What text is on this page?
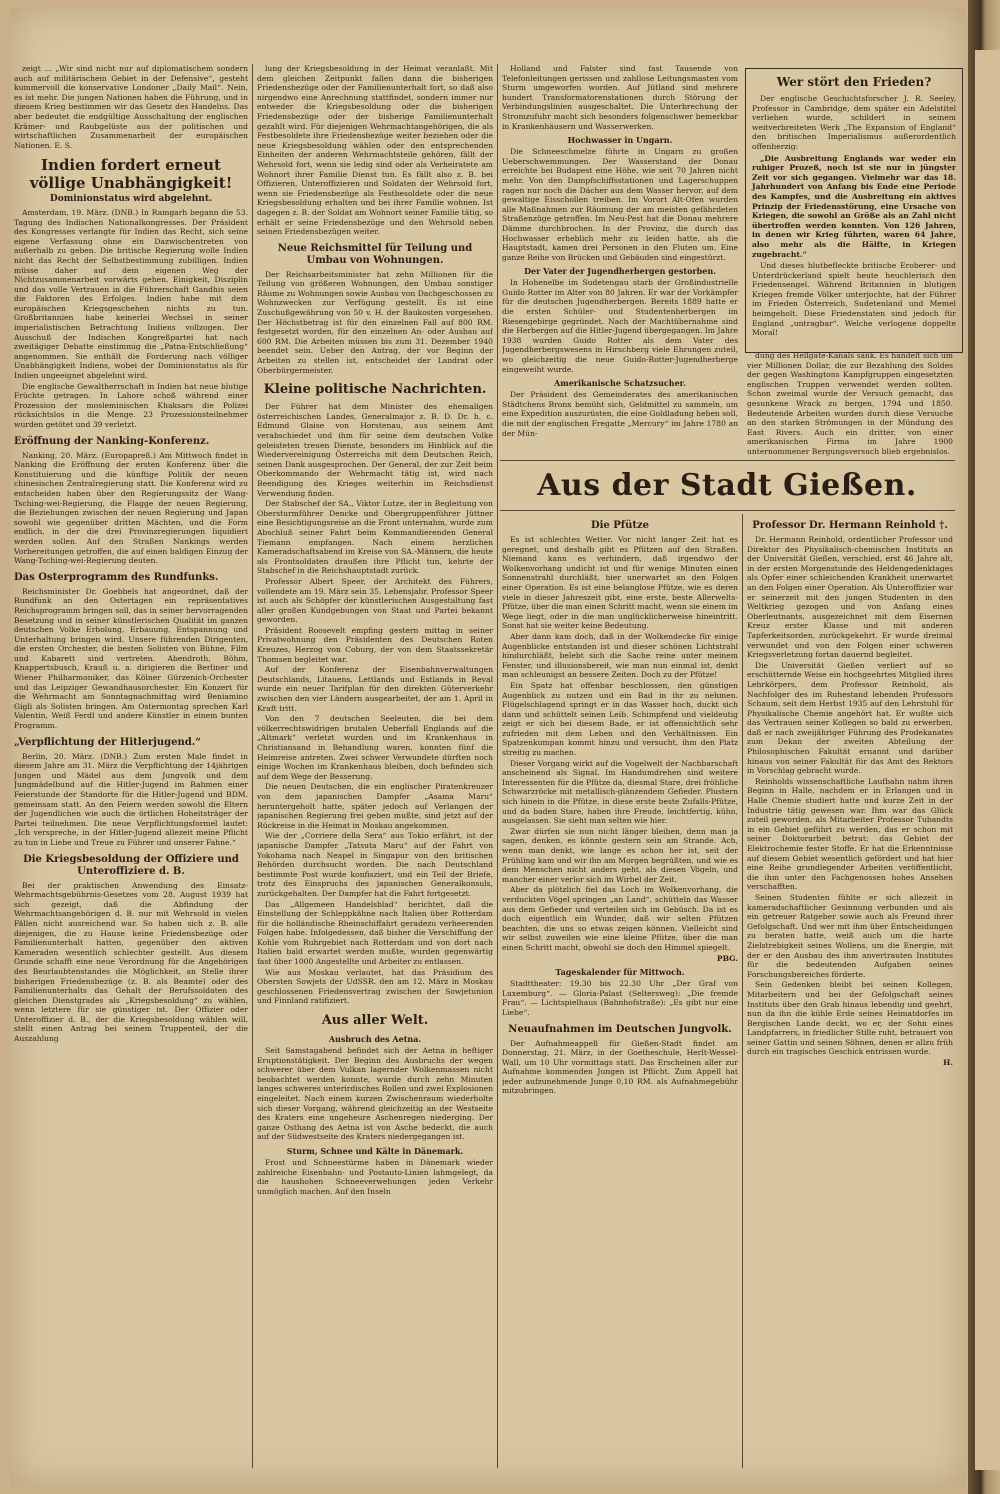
zeigt ... „Wir sind nicht nur auf diplomatischem sondern auch auf militärischem Gebiet in der Defensive“, gesteht kummervoll die konservative Londoner „Daily Mail“. Nein, es ist mehr. Die jungen Nationen haben die Führung, und in diesem Krieg bestimmen wir das Gesetz des Handelns. Das aber bedeutet die endgültige Ausschaltung der englischen Krämer- und Raubgelüste aus der politischen und wirtschaftlichen Zusammenarbeit der europäischen Nationen. E. S.

Indien fordert erneut völlige Unabhängigkeit!
Dominionstatus wird abgelehnt.

Amsterdam, 19. März. (DNB.) In Ramgarh begann die 53. Tagung des Indischen Nationalkongresses. Der Präsident des Kongresses verlangte für Indien das Recht, sich seine eigene Verfassung ohne ein Dazwischentreten von außerhalb zu geben. Die britische Regierung wolle Indien nicht das Recht der Selbstbestimmung zubilligen. Indien müsse daher auf dem eigenen Weg der Nichtzusammenarbeit vorwärts gehen. Einigkeit, Disziplin und das volle Vertrauen in die Führerschaft Gandhis seien die Faktoren des Erfolges. Indien habe mit dem europäischen Kriegsgeschehen nichts zu tun. Großbritannien habe keinerlei Wechsel in seiner imperialistischen Betrachtung Indiens vollzogen. Der Ausschuß der Indischen Kongreßpartei hat nach zweitägiger Debatte einstimmig die „Patna-Entschließung“ angenommen. Sie enthält die Forderung nach völliger Unabhängigkeit Indiens, wobei der Dominionstatus als für Indien ungeeignet abgelehnt wird.

Die englische Gewaltherrschaft in Indien hat neue blutige Früchte getragen. In Lahore schoß während einer Prozession der mosleminischen Khaksars die Polizei rücksichtslos in die Menge. 23 Prozessionsteilnehmer wurden getötet und 39 verletzt.

Eröffnung der Nanking-Konferenz.

Nanking, 20. März. (Europapreß.) Am Mittwoch findet in Nanking die Eröffnung der ersten Konferenz über die Konstituierung und die künftige Politik der neuen chinesischen Zentralregierung statt. Die Konferenz wird zu entscheiden haben über den Regierungssitz der Wang-Tsching-wei-Regierung, die Flagge der neuen Regierung, die Beziehungen zwischen der neuen Regierung und Japan sowohl wie gegenüber dritten Mächten, und die Form endlich, in der die drei Provinzregierungen liquidiert werden sollen. Auf den Straßen Nankings werden Vorbereitungen getroffen, die auf einen baldigen Einzug der Wang-Tsching-wei-Regierung deuten.

Das Osterprogramm des Rundfunks.

Reichsminister Dr. Goebbels hat angeordnet, daß der Rundfunk an den Ostertagen ein repräsentatives Reichsprogramm bringen soll, das in seiner hervorragenden Besetzung und in seiner künstlerischen Qualität im ganzen deutschen Volke Erholung, Erbauung, Entspannung und Unterhaltung bringen wird. Unsere führenden Dirigenten, die ersten Orchester, die besten Solisten von Bühne, Film und Kabarett sind vertreten. Abendroth, Böhm, Knappertsbusch, Krauß u. a. dirigieren die Berliner und Wiener Philharmoniker, das Kölner Gürzenich-Orchester und das Leipziger Gewandhausorchester. Ein Konzert für die Wehrmacht am Sonntagnachmittag wird Beniamino Gigli als Solisten bringen. Am Ostermontag sprechen Karl Valentin, Weiß Ferdl und andere Künstler in einem bunten Programm.

„Verpflichtung der Hitlerjugend.“

Berlin, 20. März. (DNB.) Zum ersten Male findet in diesem Jahre am 31. März die Verpflichtung der 14jährigen Jungen und Mädel aus dem Jungvolk und dem Jungmädelbund auf die Hitler-Jugend im Rahmen einer Feierstunde der Standorte für die Hitler-Jugend und BDM. gemeinsam statt. An den Feiern werden sowohl die Eltern der Jugendlichen wie auch die örtlichen Hoheitsträger der Partei teilnehmen. Die neue Verpflichtungsformel lautet: „Ich verspreche, in der Hitler-Jugend allezeit meine Pflicht zu tun in Liebe und Treue zu Führer und unserer Fahne.“

Die Kriegsbesoldung der Offiziere und Unteroffiziere d. B.

Bei der praktischen Anwendung des Einsatz-Wehrmachtsgebührnis-Gesetzes vom 28. August 1939 hat sich gezeigt, daß die Abfindung der Wehrmachtsangehörigen d. B. nur mit Wehrsold in vielen Fällen nicht ausreichend war. So haben sich z. B. alle diejenigen, die zu Hause keine Friedensbezüge oder Familienunterhalt hatten, gegenüber den aktiven Kameraden wesentlich schlechter gestellt. Aus diesem Grunde schafft eine neue Verordnung für die Angehörigen des Beurlaubtenstandes die Möglichkeit, an Stelle ihrer bisherigen Friedensbezüge (z. B. als Beamte) oder des Familienunterhalts das Gehalt der Berufssoldaten des gleichen Dienstgrades als „Kriegsbesoldung“ zu wählen, wenn letztere für sie günstiger ist. Der Offizier oder Unteroffizier d. B., der die Kriegsbesoldung wählen will, stellt einen Antrag bei seinem Truppenteil, der die Auszahlung

lung der Kriegsbesoldung in der Heimat veranlaßt. Mit dem gleichen Zeitpunkt fallen dann die bisherigen Friedensbezüge oder der Familienunterhalt fort, so daß also nirgendwo eine Anrechnung stattfindet, sondern immer nur entweder die Kriegsbesoldung oder die bisherigen Friedensbezüge oder der bisherige Familienunterhalt gezahlt wird. Für diejenigen Wehrmachtangehörigen, die als Festbesoldete ihre Friedensbezüge weiter beziehen oder die neue Kriegsbesoldung wählen oder den entsprechenden Einheiten der anderen Wehrmachtsteile gehören, fällt der Wehrsold fort, wenn sie ledig sind oder als Verheiratete am Wohnort ihrer Familie Dienst tun. Es fällt also z. B. bei Offizieren, Unteroffizieren und Soldaten der Wehrsold fort, wenn sie Friedensbezüge als Festbesoldete oder die neue Kriegsbesoldung erhalten und bei ihrer Familie wohnen. Ist dagegen z. B. der Soldat am Wohnort seiner Familie tätig, so erhält er seine Friedensbezüge und den Wehrsold neben seinen Friedensbezügen weiter.

Neue Reichsmittel für Teilung und Umbau von Wohnungen.

Der Reichsarbeitsminister hat zehn Millionen für die Teilung von größeren Wohnungen, den Umbau sonstiger Räume zu Wohnungen sowie Ausbau von Dachgeschossen zu Wohnzwecken zur Verfügung gestellt. Es ist eine Zuschußgewährung von 50 v. H. der Baukosten vorgesehen. Der Höchstbetrag ist für den einzelnen Fall auf 800 RM. festgesetzt worden, für den einzelnen An- oder Ausbau auf 600 RM. Die Arbeiten müssen bis zum 31. Dezember 1940 beendet sein. Ueber den Antrag, der vor Beginn der Arbeiten zu stellen ist, entscheidet der Landrat oder Oberbürgermeister.

Kleine politische Nachrichten.

Der Führer hat dem Minister des ehemaligen österreichischen Landes, Generalmajor z. B. D. Dr. h. c. Edmund Glaise von Horstenau, aus seinem Amt verabschiedet und ihm für seine dem deutschen Volke geleisteten treuen Dienste, besonders im Hinblick auf die Wiedervereinigung Österreichs mit dem Deutschen Reich, seinen Dank ausgesprochen. Der General, der zur Zeit beim Oberkommando der Wehrmacht tätig ist, wird nach Beendigung des Krieges weiterhin im Reichsdienst Verwendung finden.

Der Stabschef der SA., Viktor Lutze, der in Begleitung von Obersturmführer Dencke und Obergruppenführer Jüttner eine Besichtigungsreise an die Front unternahm, wurde zum Abschluß seiner Fahrt beim Kommandierenden General Tiemann empfangen. Nach einem herzlichen Kameradschaftsabend im Kreise von SA.-Männern, die heute als Frontsoldaten draußen ihre Pflicht tun, kehrte der Stabschef in die Reichshauptstadt zurück.

Professor Albert Speer, der Architekt des Führers, vollendete am 19. März sein 35. Lebensjahr. Professor Speer ist auch als Schöpfer der künstlerischen Ausgestaltung fast aller großen Kundgebungen von Staat und Partei bekannt geworden.

Präsident Roosevelt empfing gestern mittag in seiner Privatwohnung den Präsidenten des Deutschen Roten Kreuzes, Herzog von Coburg, der von dem Staatssekretär Thomsen begleitet war.

Auf der Konferenz der Eisenbahnverwaltungen Deutschlands, Litauens, Lettlands und Estlands in Reval wurde ein neuer Tarifplan für den direkten Güterverkehr zwischen den vier Ländern ausgearbeitet, der am 1. April in Kraft tritt.

Von den 7 deutschen Seeleuten, die bei dem völkerrechtswidrigen brutalen Ueberfall Englands auf die „Altmark“ verletzt wurden und im Krankenhaus in Christiansand in Behandlung waren, konnten fünf die Heimreise antreten. Zwei schwer Verwundete dürften noch einige Wochen im Krankenhaus bleiben, doch befinden sich auf dem Wege der Besserung.

Die neuen Deutschen, die ein englischer Piratenkreuzer von dem japanischen Dampfer „Asama Maru“ heruntergeholt hatte, später jedoch auf Verlangen der japanischen Regierung frei geben mußte, sind jetzt auf der Rückreise in die Heimat in Moskau angekommen.

Wie der „Corriere della Sera“ aus Tokio erfährt, ist der japanische Dampfer „Tatsuta Maru“ auf der Fahrt von Yokohama nach Neapel in Singapur von den britischen Behörden durchsucht worden. Die nach Deutschland bestimmte Post wurde konfisziert, und ein Teil der Briefe, trotz des Einspruchs des japanischen Generalkonsuls, zurückgehalten. Der Dampfer hat die Fahrt fortgesetzt.

Das „Allgemeen Handelsblad“ berichtet, daß die Einstellung der Schleppkähne nach Italien über Rotterdam für die holländische Rheinschiffahrt geradezu verheerenden Folgen habe. Infolgedessen, daß bisher die Verschiffung der Kohle vom Ruhrgebiet nach Rotterdam und von dort nach Italien bald erwartet werden mußte, wurden gegenwärtig fast über 1000 Angestellte und Arbeiter zu entlassen.

Wie aus Moskau verlautet, hat das Präsidium des Obersten Sowjets der UdSSR. den am 12. März in Moskau geschlossenen Friedensvertrag zwischen der Sowjetunion und Finnland ratifiziert.

Aus aller Welt.
Ausbruch des Aetna.

Seit Samstagabend befindet sich der Aetna in heftiger Eruptionstätigkeit. Der Beginn des Ausbruchs der wegen schwerer über dem Vulkan lagernder Wolkenmassen nicht beobachtet werden konnte, wurde durch zehn Minuten langes schweres unterirdisches Rollen und zwei Explosionen eingeleitet. Nach einem kurzen Zwischenraum wiederholte sich dieser Vorgang, während gleichzeitig an der Westseite des Kraters eine ungeheure Aschenregen niederging. Der ganze Osthang des Aetna ist von Asche bedeckt, die auch auf der Südwestseite des Kraters niedergegangen ist.

Sturm, Schnee und Kälte in Dänemark.

Frost und Schneestürme haben in Dänemark wieder zahlreiche Eisenbahn- und Postauto-Linien lahmgelegt, da die haushohen Schneeverwehungen jeden Verkehr unmöglich machen. Auf den Inseln

Holland und Falster sind fast Tausende von Telefonleitungen gerissen und zahllose Leitungsmasten vom Sturm umgeworfen worden. Auf Jütland sind mehrere hundert Transformatorenstationen durch Störung der Verbindungslinien ausgeschaltet. Die Unterbrechung der Stromzufuhr macht sich besonders folgenschwer bemerkbar in Krankenhäusern und Wasserwerken.

Hochwasser in Ungarn.

Die Schneeschmelze führte in Ungarn zu großen Ueberschwemmungen. Der Wasserstand der Donau erreichte bei Budapest eine Höhe, wie seit 70 Jahren nicht mehr. Von den Dampfschiffsstationen und Lagerschuppen ragen nur noch die Dächer aus dem Wasser hervor, auf dem gewaltige Eisschollen treiben. Im Vorort Alt-Ofen wurden alle Maßnahmen zur Räumung der am meisten gefährdeten Straßenzüge getroffen. Im Neu-Pest hat die Donau mehrere Dämme durchbrochen. In der Provinz, die durch das Hochwasser erheblich mehr zu leiden hatte, als die Hauptstadt, kamen drei Personen in den Fluten um. Eine ganze Reihe von Brücken und Gebäuden sind eingestürzt.

Der Vater der Jugendherbergen gestorben.

In Hohenelbe im Sudetengau starb der Großindustrielle Guido Rotter im Alter von 80 Jahren. Er war der Vorkämpfer für die deutschen Jugendherbergen. Bereits 1889 hatte er die ersten Schüler- und Studentenherbergen im Riesengebirge gegründet. Nach der Machtübernahme sind die Herbergen auf die Hitler-Jugend übergegangen. Im Jahre 1938 wurden Guido Rotter als dem Vater des Jugendherbergswesens in Hirschberg viele Ehrungen zuteil, wo gleichzeitig die neue Guido-Rotter-Jugendherberge eingeweiht wurde.

Amerikanische Schatzsucher.

Der Präsident des Gemeinderates des amerikanischen Städtchens Bronx bemüht sich, Geldmittel zu sammeln, um eine Expedition auszurüsten, die eine Goldladung heben soll, die mit der englischen Fregatte „Mercury“ im Jahre 1780 an der Mün-

Wer stört den Frieden?
Der englische Geschichtsforscher J. R. Seeley, Professor in Cambridge, dem später ein Adelstitel verliehen wurde, schildert in seinem weitverbreiteten Werk „The Expansion of England“ den britischen Imperialismus außerordentlich offenherzig:
„Die Ausbreitung Englands war weder ein ruhiger Prozeß, noch ist sie nur in jüngster Zeit vor sich gegangen. Vielmehr war das 18. Jahrhundert von Anfang bis Ende eine Periode des Kampfes, und die Ausbreitung ein aktives Prinzip der Friedensstörung, eine Ursache von Kriegen, die sowohl an Größe als an Zahl nicht übertroffen werden konnten. Von 126 Jahren, in denen wir Krieg führten, waren 64 Jahre, also mehr als die Hälfte, in Kriegen zugebracht.“
Und dieses blutbefleckte britische Eroberer- und Unterdrückerland spielt heute heuchlerisch den Friedensengel. Während Britannien in blutigen Kriegen fremde Völker unterjochte, hat der Führer im Frieden Österreich, Sudetenland und Memel heimgeholt. Diese Friedenstaten sind jedoch für England „untragbar“. Welche verlogene doppelte Moral!

dung des Hellgate-Kanals sank. Es handelt sich um vier Millionen Dollar, die zur Bezahlung des Soldes der gegen Washingtons Kampfgruppen eingesetzten englischen Truppen verwendet werden sollten. Schon zweimal wurde der Versuch gemacht, das gesunkene Wrack zu bergen, 1794 und 1850. Bedeutende Arbeiten wurden durch diese Versuche an den starken Strömungen in der Mündung des East Rivers. Auch ein dritter, von einer amerikanischen Firma im Jahre 1900 unternommener Bergungsversuch blieb ergebnislos.

Aus der Stadt Gießen.
Die Pfütze

Es ist schlechtes Wetter. Vor nicht langer Zeit hat es geregnet, und deshalb gibt es Pfützen auf den Straßen. Niemand kann es verhindern, daß irgendwo der Wolkenvorhang undicht ist und für wenige Minuten einen Sonnenstrahl durchläßt, hier unerwartet an den Folgen einer Operation. Es ist eine belanglose Pfütze, wie es deren viele in dieser Jahreszeit gibt, eine erste, beste Allerwelts-Pfütze, über die man einen Schritt macht, wenn sie einem im Wege liegt, oder in die man unglücklicherweise hineintritt. Sonst hat sie weiter keine Bedeutung.

Aber dann kam doch, daß in der Wolkendecke für einige Augenblicke entstanden ist und dieser schönen Lichtstrahl hindurchläßt, belebt sich die Sache reine unter meinem Fenster, und illusionsbereit, wie man nun einmal ist, denkt man schleunigst an bessere Zeiten. Doch zu der Pfütze!

Ein Spatz hat offenbar beschlossen, den günstigen Augenblick zu nutzen und ein Bad in ihr zu nehmen. Flügelschlagend springt er in das Wasser hoch, duckt sich dann und schüttelt seinen Leib. Schimpfend und vieldeutig zeigt er sich bei diesem Bade, er ist offensichtlich sehr zufrieden mit dem Leben und den Verhältnissen. Ein Spatzenkumpan kommt hinzu und versucht, ihm den Platz streitig zu machen.

Dieser Vorgang wirkt auf die Vogelwelt der Nachbarschaft anscheinend als Signal. Im Handumdrehen sind weitere Interessenten für die Pfütze da, diesmal Stare, drei fröhliche Schwarzröcke mit metallisch-glänzendem Gefieder. Plustern sich hinein in die Pfütze, in diese erste beste Zufalls-Pfütze, und da baden Stare, haben ihre Freude, leichtfertig, kühn, ausgelassen. Sie sieht man selten wie hier.

Zwar dürfen sie nun nicht länger bleiben, denn man ja sagen, denken, es könnte gestern sein am Strande. Ach, wenn man denkt, wie lange es schon her ist, seit der Frühling kam und wir ihn am Morgen begrüßten, und wie es dem Menschen nicht anders geht, als diesen Vögeln, und mancher einer verlor sich im Wirbel der Zeit.

Aber da plötzlich fiel das Loch im Wolkenvorhang, die verduckten Vögel springen „an Land“, schütteln das Wasser aus dem Gefieder und verteilen sich im Gebüsch. Da ist es doch eigentlich ein Wunder, daß wir selten Pfützen beachten, die uns so etwas zeigen können. Vielleicht sind wir selbst zuweilen wie eine kleine Pfütze, über die man einen Schritt macht, obwohl sie doch den Himmel spiegelt.

PBG.
Tageskalender für Mittwoch.

Stadttheater: 19.30 bis 22.30 Uhr „Der Graf von Luxemburg“. — Gloria-Palast (Seltersweg): „Die fremde Frau“. — Lichtspielhaus (Bahnhofstraße): „Es gibt nur eine Liebe“.

Neuaufnahmen im Deutschen Jungvolk.

Der Aufnahmeappell für Gießen-Stadt findet am Donnerstag, 21. März, in der Goetheschule, Herlt-Wessel-Wall, um 10 Uhr vormittags statt. Das Erscheinen aller zur Aufnahme kommenden Jungen ist Pflicht. Zum Appell hat jeder aufzunehmende Junge 0,10 RM. als Aufnahmegebühr mitzubringen.

Professor Dr. Hermann Reinhold †.

Dr. Hermann Reinhold, ordentlicher Professor und Direktor des Physikalisch-chemischen Instituts an der Universität Gießen, verschied, erst 46 Jahre alt, in der ersten Morgenstunde des Heldengedenktages als Opfer einer schleichenden Krankheit unerwartet an den Folgen einer Operation. Als Unteroffizier war er seinerzeit mit den jungen Studenten in den Weltkrieg gezogen und von Anfang eines Oberleutnants, ausgezeichnet mit dem Eisernen Kreuz erster Klasse und mit anderen Tapferkeitsorden, zurückgekehrt. Er wurde dreimal verwundet und von den Folgen einer schweren Kriegsverletzung fortan dauernd begleitet.

Die Universität Gießen verliert auf so erschütternde Weise ein hochgeehrtes Mitglied ihres Lehrkörpers, dem Professor Reinhold, als Nachfolger des im Ruhestand lebenden Professors Schaum, seit dem Herbst 1935 auf den Lehrstuhl für Physikalische Chemie angehört hat. Er wußte sich das Vertrauen seiner Kollegen so bald zu erwerben, daß er nach zweijähriger Führung des Prodekanates zum Dekan der zweiten Abteilung der Philosophischen Fakultät ernannt und darüber hinaus von seiner Fakultät für das Amt des Rektors in Vorschlag gebracht wurde.

Reinholds wissenschaftliche Laufbahn nahm ihren Beginn in Halle, nachdem er in Erlangen und in Halle Chemie studiert hatte und kurze Zeit in der Industrie tätig gewesen war. Ihm war das Glück zuteil geworden, als Mitarbeiter Professor Tubandts in ein Gebiet geführt zu werden, das er schon mit seiner Doktorarbeit betrat: das Gebiet der Elektrochemie fester Stoffe. Er hat die Erkenntnisse auf diesem Gebiet wesentlich gefördert und hat hier eine Reihe grundlegender Arbeiten veröffentlicht, die ihm unter den Fachgenossen hohes Ansehen verschafften.

Seinen Studenten fühlte er sich allezeit in kameradschaftlicher Gesinnung verbunden und als ein getreuer Ratgeber sowie auch als Freund ihrer Gefolgschaft. Und wer mit ihm über Entscheidungen zu beraten hatte, weiß auch um die harte Zielstrebigkeit seines Wollens, um die Energie, mit der er den Ausbau des ihm anvertrauten Institutes für die bedeutenden Aufgaben seines Forschungsbereiches förderte.

Sein Gedenken bleibt bei seinen Kollegen, Mitarbeitern und bei der Gefolgschaft seines Instituts über den Grab hinaus lebendig und geehrt, nun da ihn die kühle Erde seines Heimatdorfes im Bergischen Lande deckt, wo er, der Sohn eines Landpfarrers, in friedlicher Stille ruht, betrauert von seiner Gattin und seinen Söhnen, denen er allzu früh durch ein tragisches Geschick entrissen wurde.

H.
